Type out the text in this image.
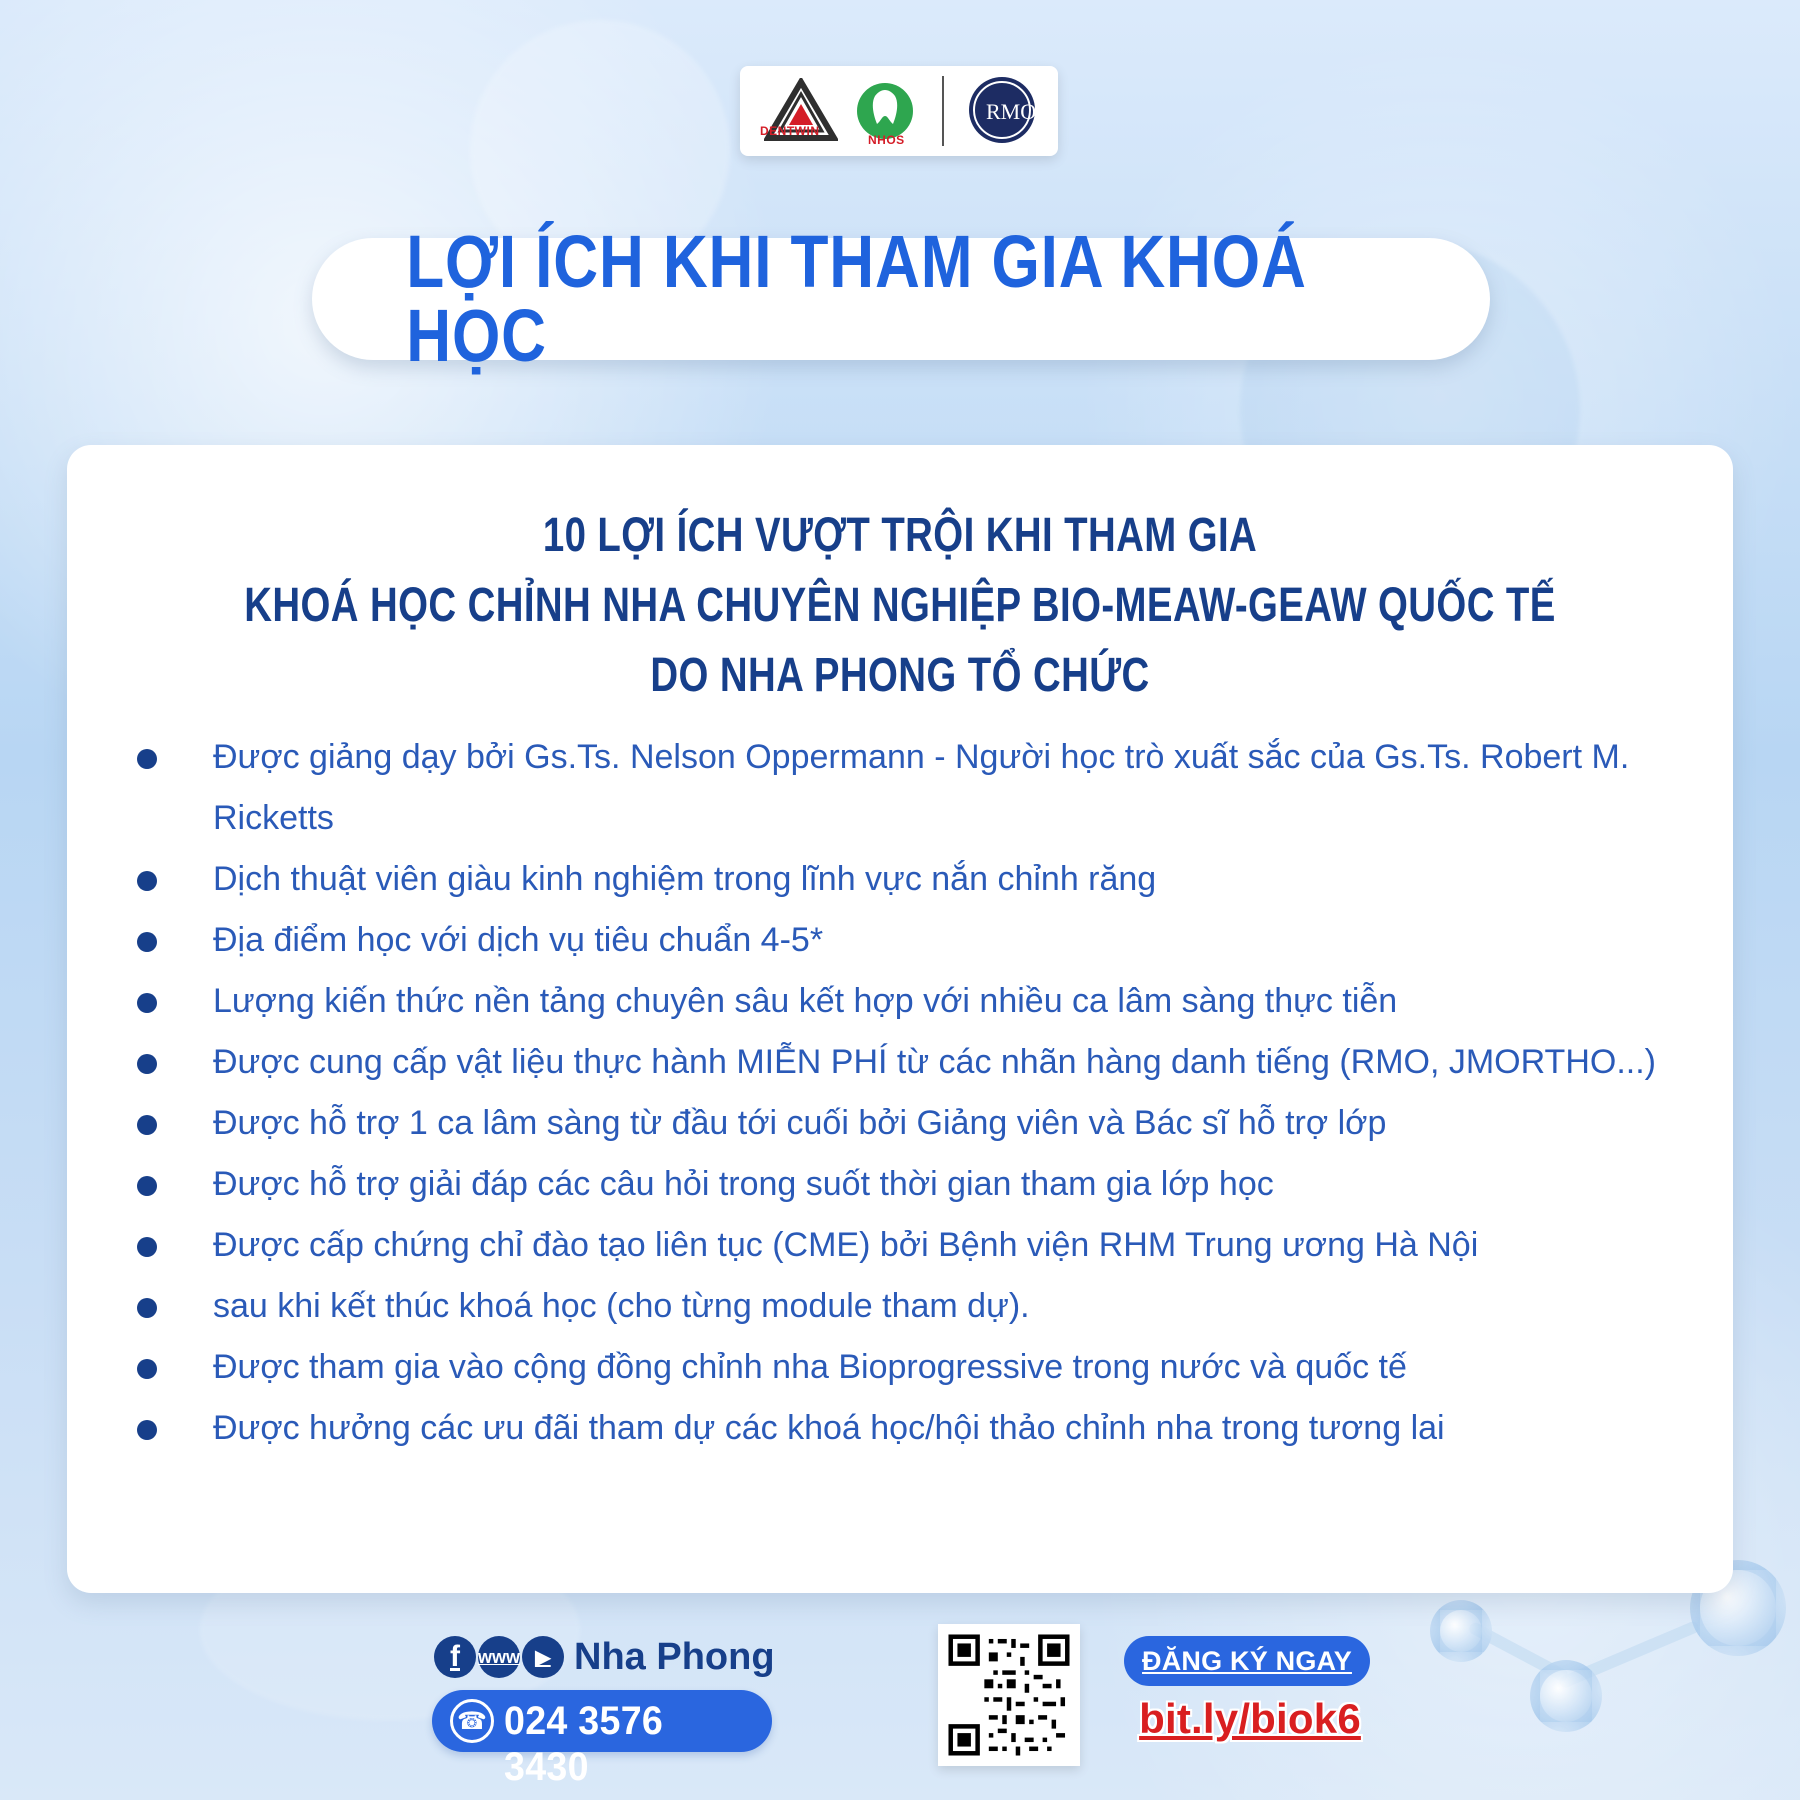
DENTWIN
NHOS
RMO
LỢI ÍCH KHI THAM GIA KHOÁ HỌC
10 LỢI ÍCH VƯỢT TRỘI KHI THAM GIA
KHOÁ HỌC CHỈNH NHA CHUYÊN NGHIỆP BIO-MEAW-GEAW QUỐC TẾ
DO NHA PHONG TỔ CHỨC
Được giảng dạy bởi Gs.Ts. Nelson Oppermann - Người học trò xuất sắc của Gs.Ts. Robert M. Ricketts
Dịch thuật viên giàu kinh nghiệm trong lĩnh vực nắn chỉnh răng
Địa điểm học với dịch vụ tiêu chuẩn 4-5*
Lượng kiến thức nền tảng chuyên sâu kết hợp với nhiều ca lâm sàng thực tiễn
Được cung cấp vật liệu thực hành MIỄN PHÍ từ các nhãn hàng danh tiếng (RMO, JMORTHO...)
Được hỗ trợ 1 ca lâm sàng từ đầu tới cuối bởi Giảng viên và Bác sĩ hỗ trợ lớp
Được hỗ trợ giải đáp các câu hỏi trong suốt thời gian tham gia lớp học
Được cấp chứng chỉ đào tạo liên tục (CME) bởi Bệnh viện RHM Trung ương Hà Nội
sau khi kết thúc khoá học (cho từng module tham dự).
Được tham gia vào cộng đồng chỉnh nha Bioprogressive trong nước và quốc tế
Được hưởng các ưu đãi tham dự các khoá học/hội thảo chỉnh nha trong tương lai
f	www ▶ Nha Phong
☎ 024 3576 3430
ĐĂNG KÝ NGAY
bit.ly/biok6
